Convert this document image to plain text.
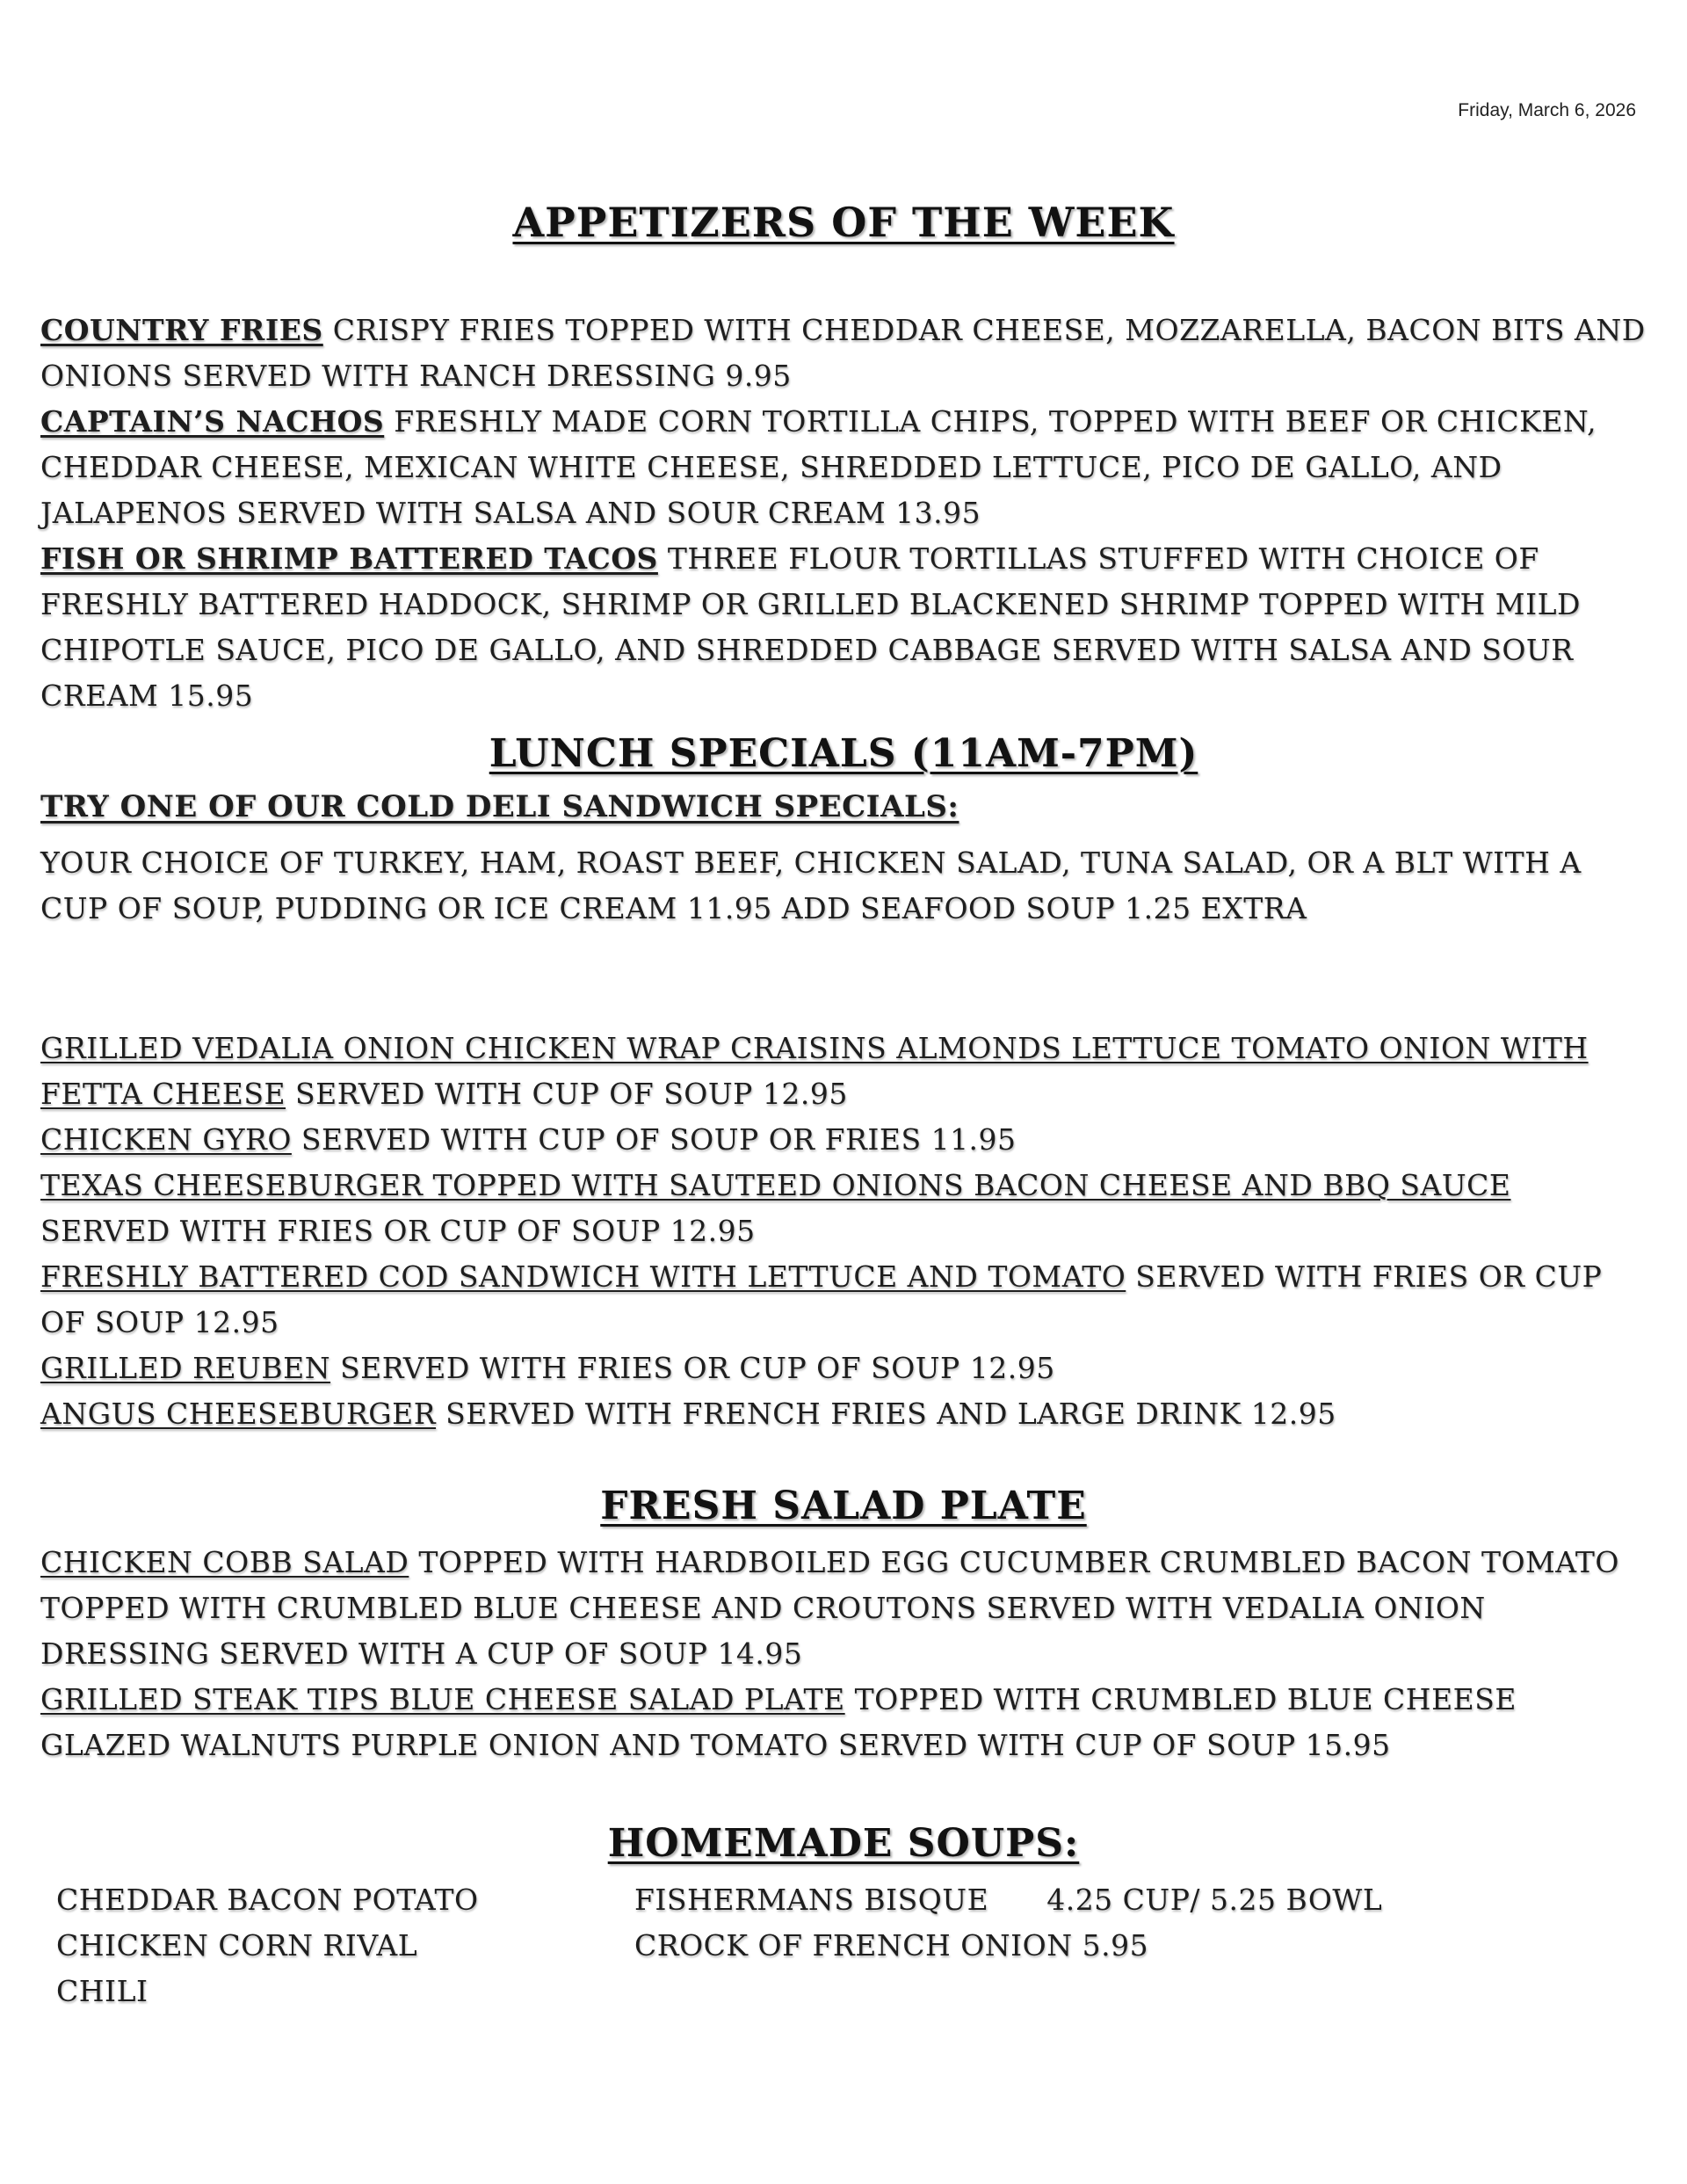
Friday, March 6, 2026
APPETIZERS OF THE WEEK
COUNTRY FRIES CRISPY FRIES TOPPED WITH CHEDDAR CHEESE, MOZZARELLA, BACON BITS AND ONIONS SERVED WITH RANCH DRESSING 9.95
CAPTAIN’S NACHOS FRESHLY MADE CORN TORTILLA CHIPS, TOPPED WITH BEEF OR CHICKEN, CHEDDAR CHEESE, MEXICAN WHITE CHEESE, SHREDDED LETTUCE, PICO DE GALLO, AND JALAPENOS SERVED WITH SALSA AND SOUR CREAM 13.95
FISH OR SHRIMP BATTERED TACOS THREE FLOUR TORTILLAS STUFFED WITH CHOICE OF FRESHLY BATTERED HADDOCK, SHRIMP OR GRILLED BLACKENED SHRIMP TOPPED WITH MILD CHIPOTLE SAUCE, PICO DE GALLO, AND SHREDDED CABBAGE SERVED WITH SALSA AND SOUR CREAM 15.95
LUNCH SPECIALS (11AM-7PM)
TRY ONE OF OUR COLD DELI SANDWICH SPECIALS:
YOUR CHOICE OF TURKEY, HAM, ROAST BEEF, CHICKEN SALAD, TUNA SALAD, OR A BLT WITH A CUP OF SOUP, PUDDING OR ICE CREAM 11.95 ADD SEAFOOD SOUP 1.25 EXTRA
GRILLED VEDALIA ONION CHICKEN WRAP CRAISINS ALMONDS LETTUCE TOMATO ONION WITH FETTA CHEESE SERVED WITH CUP OF SOUP 12.95
CHICKEN GYRO SERVED WITH CUP OF SOUP OR FRIES 11.95
TEXAS CHEESEBURGER TOPPED WITH SAUTEED ONIONS BACON CHEESE AND BBQ SAUCE SERVED WITH FRIES OR CUP OF SOUP 12.95
FRESHLY BATTERED COD SANDWICH WITH LETTUCE AND TOMATO SERVED WITH FRIES OR CUP OF SOUP 12.95
GRILLED REUBEN SERVED WITH FRIES OR CUP OF SOUP 12.95
ANGUS CHEESEBURGER SERVED WITH FRENCH FRIES AND LARGE DRINK 12.95
FRESH SALAD PLATE
CHICKEN COBB SALAD TOPPED WITH HARDBOILED EGG CUCUMBER CRUMBLED BACON TOMATO TOPPED WITH CRUMBLED BLUE CHEESE AND CROUTONS SERVED WITH VEDALIA ONION DRESSING SERVED WITH A CUP OF SOUP 14.95
GRILLED STEAK TIPS BLUE CHEESE SALAD PLATE TOPPED WITH CRUMBLED BLUE CHEESE GLAZED WALNUTS PURPLE ONION AND TOMATO SERVED WITH CUP OF SOUP 15.95
HOMEMADE SOUPS:
CHEDDAR BACON POTATO
CHICKEN CORN RIVAL
CHILI
FISHERMANS BISQUE 4.25 CUP/ 5.25 BOWL
CROCK OF FRENCH ONION 5.95
